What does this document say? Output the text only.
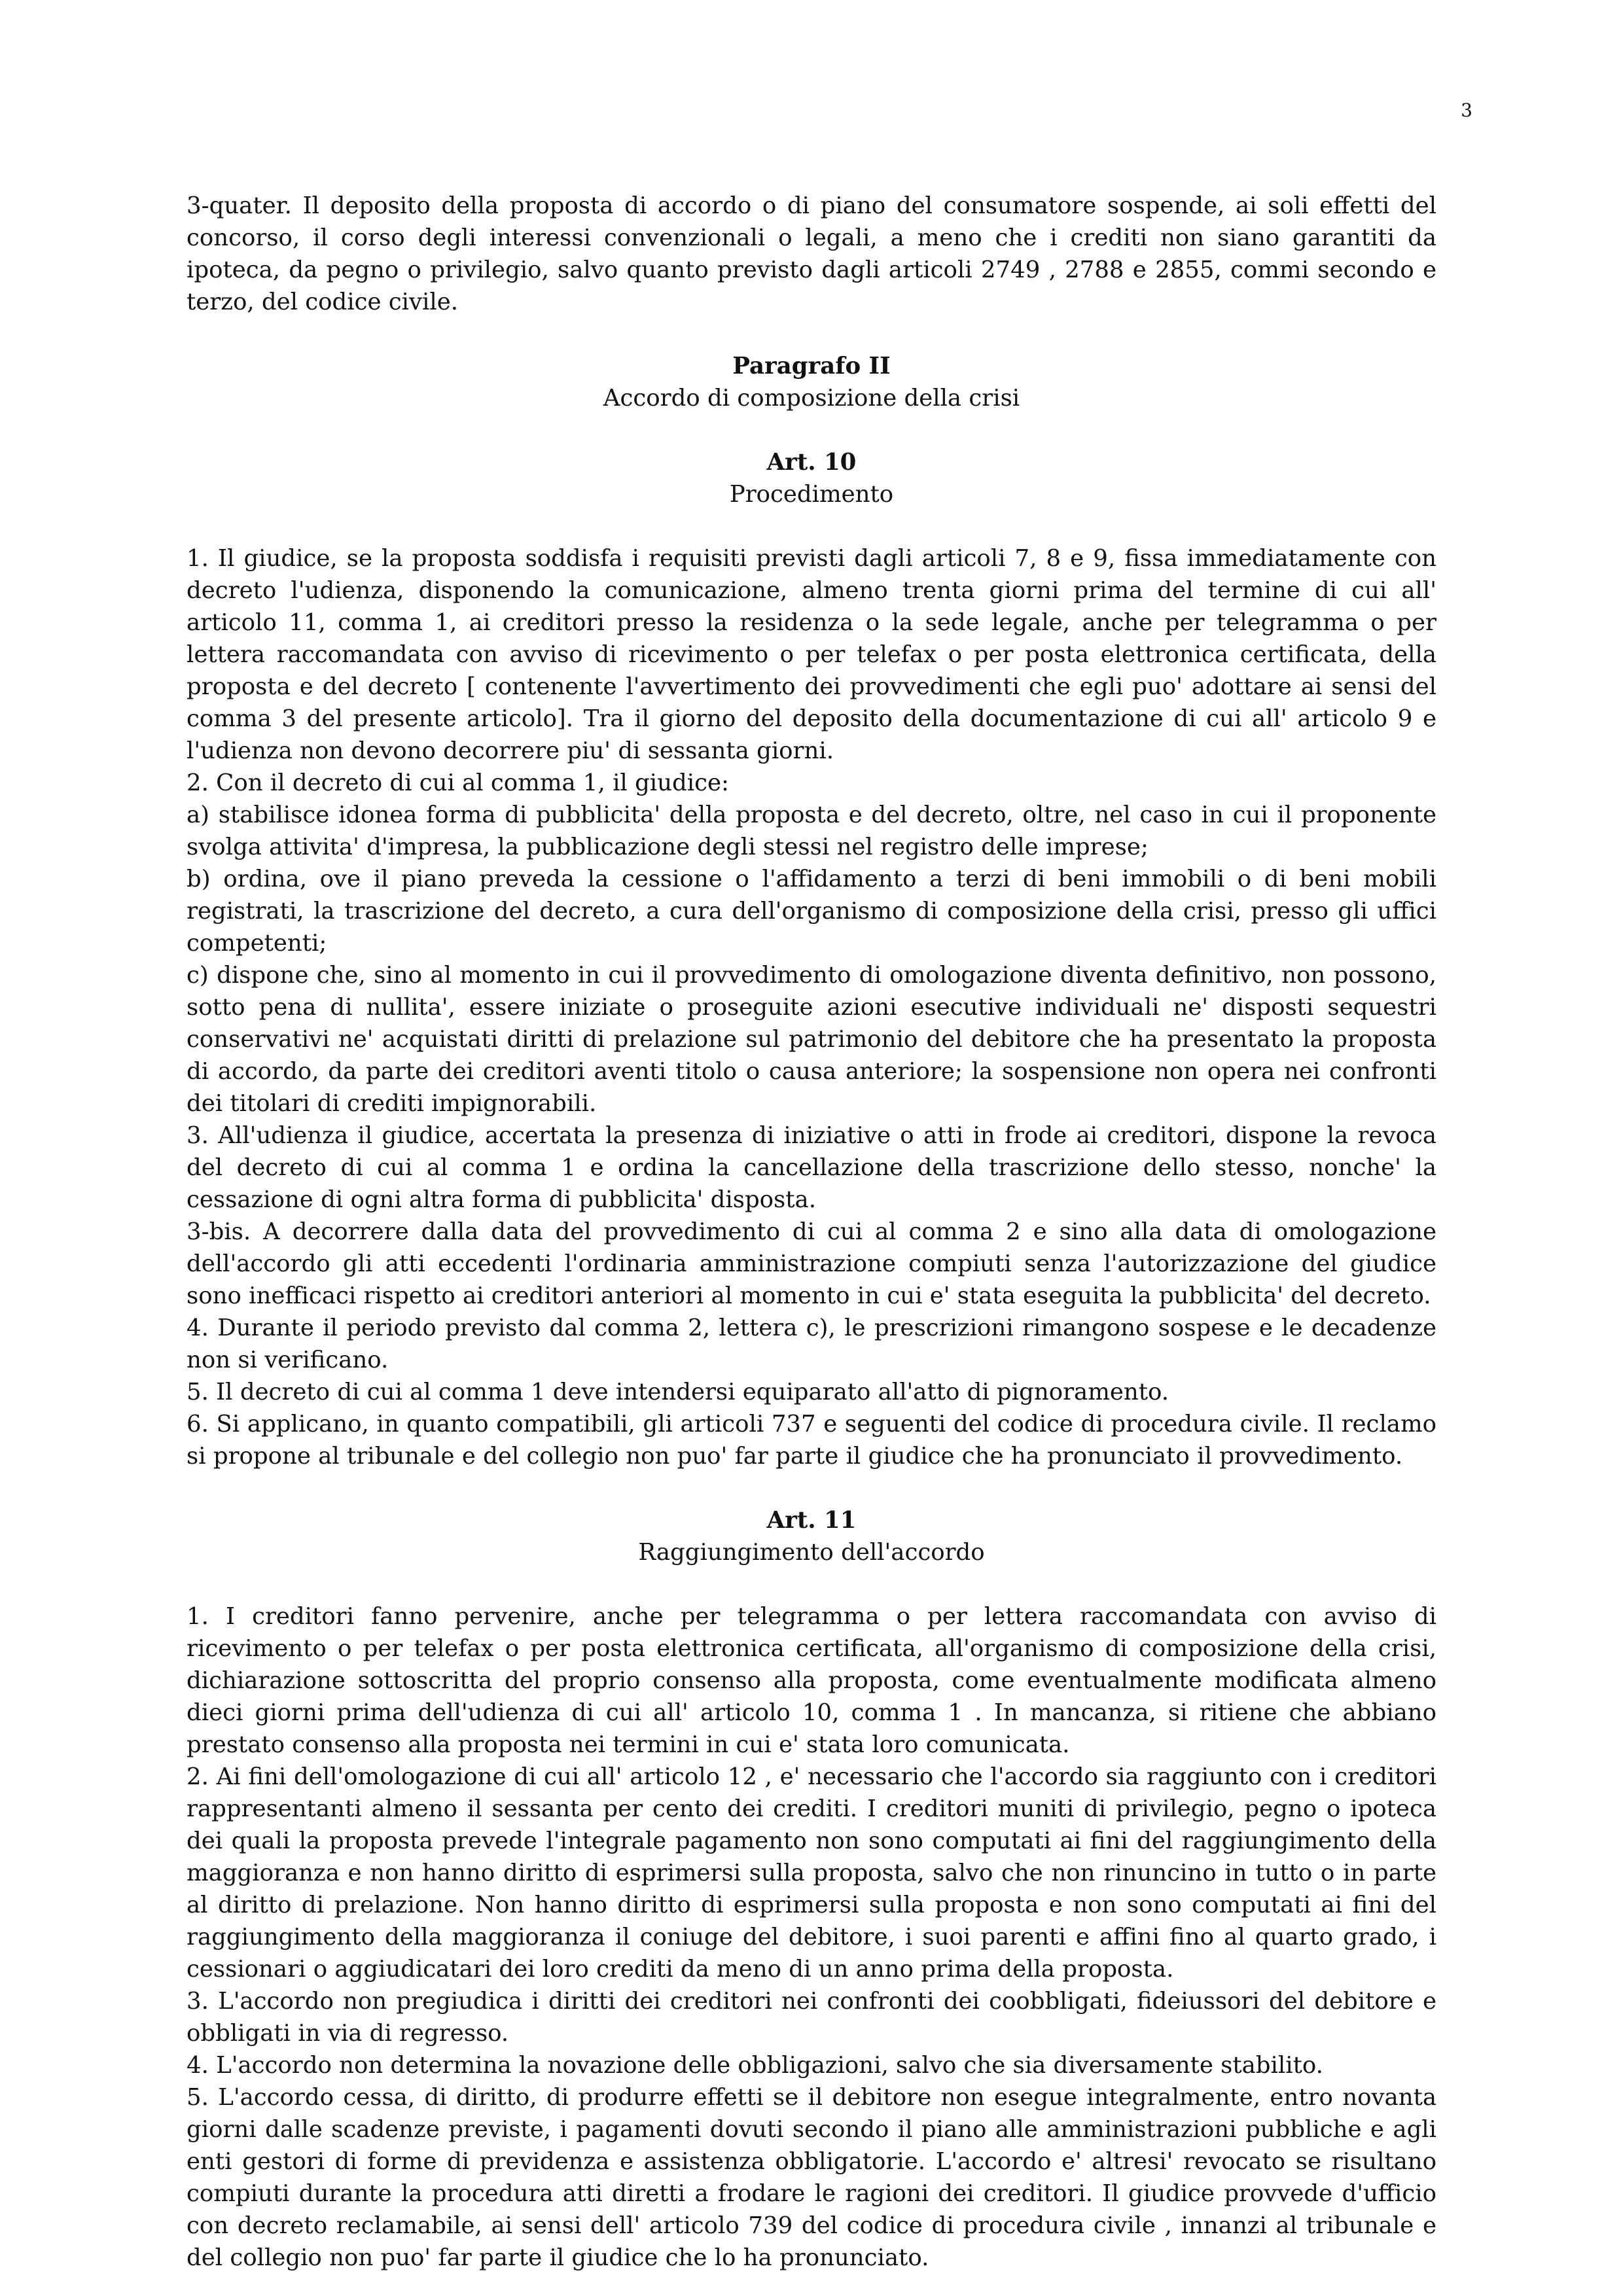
3

3-quater. Il deposito della proposta di accordo o di piano del consumatore sospende, ai soli effetti del concorso, il corso degli interessi convenzionali o legali, a meno che i crediti non siano garantiti da ipoteca, da pegno o privilegio, salvo quanto previsto dagli articoli 2749 , 2788 e 2855, commi secondo e terzo, del codice civile.

Paragrafo II

Accordo di composizione della crisi

Art. 10

Procedimento

1. Il giudice, se la proposta soddisfa i requisiti previsti dagli articoli 7, 8 e 9, fissa immediatamente con decreto l'udienza, disponendo la comunicazione, almeno trenta giorni prima del termine di cui all' articolo 11, comma 1, ai creditori presso la residenza o la sede legale, anche per telegramma o per lettera raccomandata con avviso di ricevimento o per telefax o per posta elettronica certificata, della proposta e del decreto [ contenente l'avvertimento dei provvedimenti che egli puo' adottare ai sensi del comma 3 del presente articolo]. Tra il giorno del deposito della documentazione di cui all' articolo 9 e l'udienza non devono decorrere piu' di sessanta giorni.

2. Con il decreto di cui al comma 1, il giudice:

a) stabilisce idonea forma di pubblicita' della proposta e del decreto, oltre, nel caso in cui il proponente svolga attivita' d'impresa, la pubblicazione degli stessi nel registro delle imprese;

b) ordina, ove il piano preveda la cessione o l'affidamento a terzi di beni immobili o di beni mobili registrati, la trascrizione del decreto, a cura dell'organismo di composizione della crisi, presso gli uffici competenti;

c) dispone che, sino al momento in cui il provvedimento di omologazione diventa definitivo, non possono, sotto pena di nullita', essere iniziate o proseguite azioni esecutive individuali ne' disposti sequestri conservativi ne' acquistati diritti di prelazione sul patrimonio del debitore che ha presentato la proposta di accordo, da parte dei creditori aventi titolo o causa anteriore; la sospensione non opera nei confronti dei titolari di crediti impignorabili.

3. All'udienza il giudice, accertata la presenza di iniziative o atti in frode ai creditori, dispone la revoca del decreto di cui al comma 1 e ordina la cancellazione della trascrizione dello stesso, nonche' la cessazione di ogni altra forma di pubblicita' disposta.

3-bis. A decorrere dalla data del provvedimento di cui al comma 2 e sino alla data di omologazione dell'accordo gli atti eccedenti l'ordinaria amministrazione compiuti senza l'autorizzazione del giudice sono inefficaci rispetto ai creditori anteriori al momento in cui e' stata eseguita la pubblicita' del decreto.

4. Durante il periodo previsto dal comma 2, lettera c), le prescrizioni rimangono sospese e le decadenze non si verificano.

5. Il decreto di cui al comma 1 deve intendersi equiparato all'atto di pignoramento.

6. Si applicano, in quanto compatibili, gli articoli 737 e seguenti del codice di procedura civile. Il reclamo si propone al tribunale e del collegio non puo' far parte il giudice che ha pronunciato il provvedimento.

Art. 11

Raggiungimento dell'accordo

1. I creditori fanno pervenire, anche per telegramma o per lettera raccomandata con avviso di ricevimento o per telefax o per posta elettronica certificata, all'organismo di composizione della crisi, dichiarazione sottoscritta del proprio consenso alla proposta, come eventualmente modificata almeno dieci giorni prima dell'udienza di cui all' articolo 10, comma 1 . In mancanza, si ritiene che abbiano prestato consenso alla proposta nei termini in cui e' stata loro comunicata.

2. Ai fini dell'omologazione di cui all' articolo 12 , e' necessario che l'accordo sia raggiunto con i creditori rappresentanti almeno il sessanta per cento dei crediti. I creditori muniti di privilegio, pegno o ipoteca dei quali la proposta prevede l'integrale pagamento non sono computati ai fini del raggiungimento della maggioranza e non hanno diritto di esprimersi sulla proposta, salvo che non rinuncino in tutto o in parte al diritto di prelazione. Non hanno diritto di esprimersi sulla proposta e non sono computati ai fini del raggiungimento della maggioranza il coniuge del debitore, i suoi parenti e affini fino al quarto grado, i cessionari o aggiudicatari dei loro crediti da meno di un anno prima della proposta.

3. L'accordo non pregiudica i diritti dei creditori nei confronti dei coobbligati, fideiussori del debitore e obbligati in via di regresso.

4. L'accordo non determina la novazione delle obbligazioni, salvo che sia diversamente stabilito.

5. L'accordo cessa, di diritto, di produrre effetti se il debitore non esegue integralmente, entro novanta giorni dalle scadenze previste, i pagamenti dovuti secondo il piano alle amministrazioni pubbliche e agli enti gestori di forme di previdenza e assistenza obbligatorie. L'accordo e' altresi' revocato se risultano compiuti durante la procedura atti diretti a frodare le ragioni dei creditori. Il giudice provvede d'ufficio con decreto reclamabile, ai sensi dell' articolo 739 del codice di procedura civile , innanzi al tribunale e del collegio non puo' far parte il giudice che lo ha pronunciato.
